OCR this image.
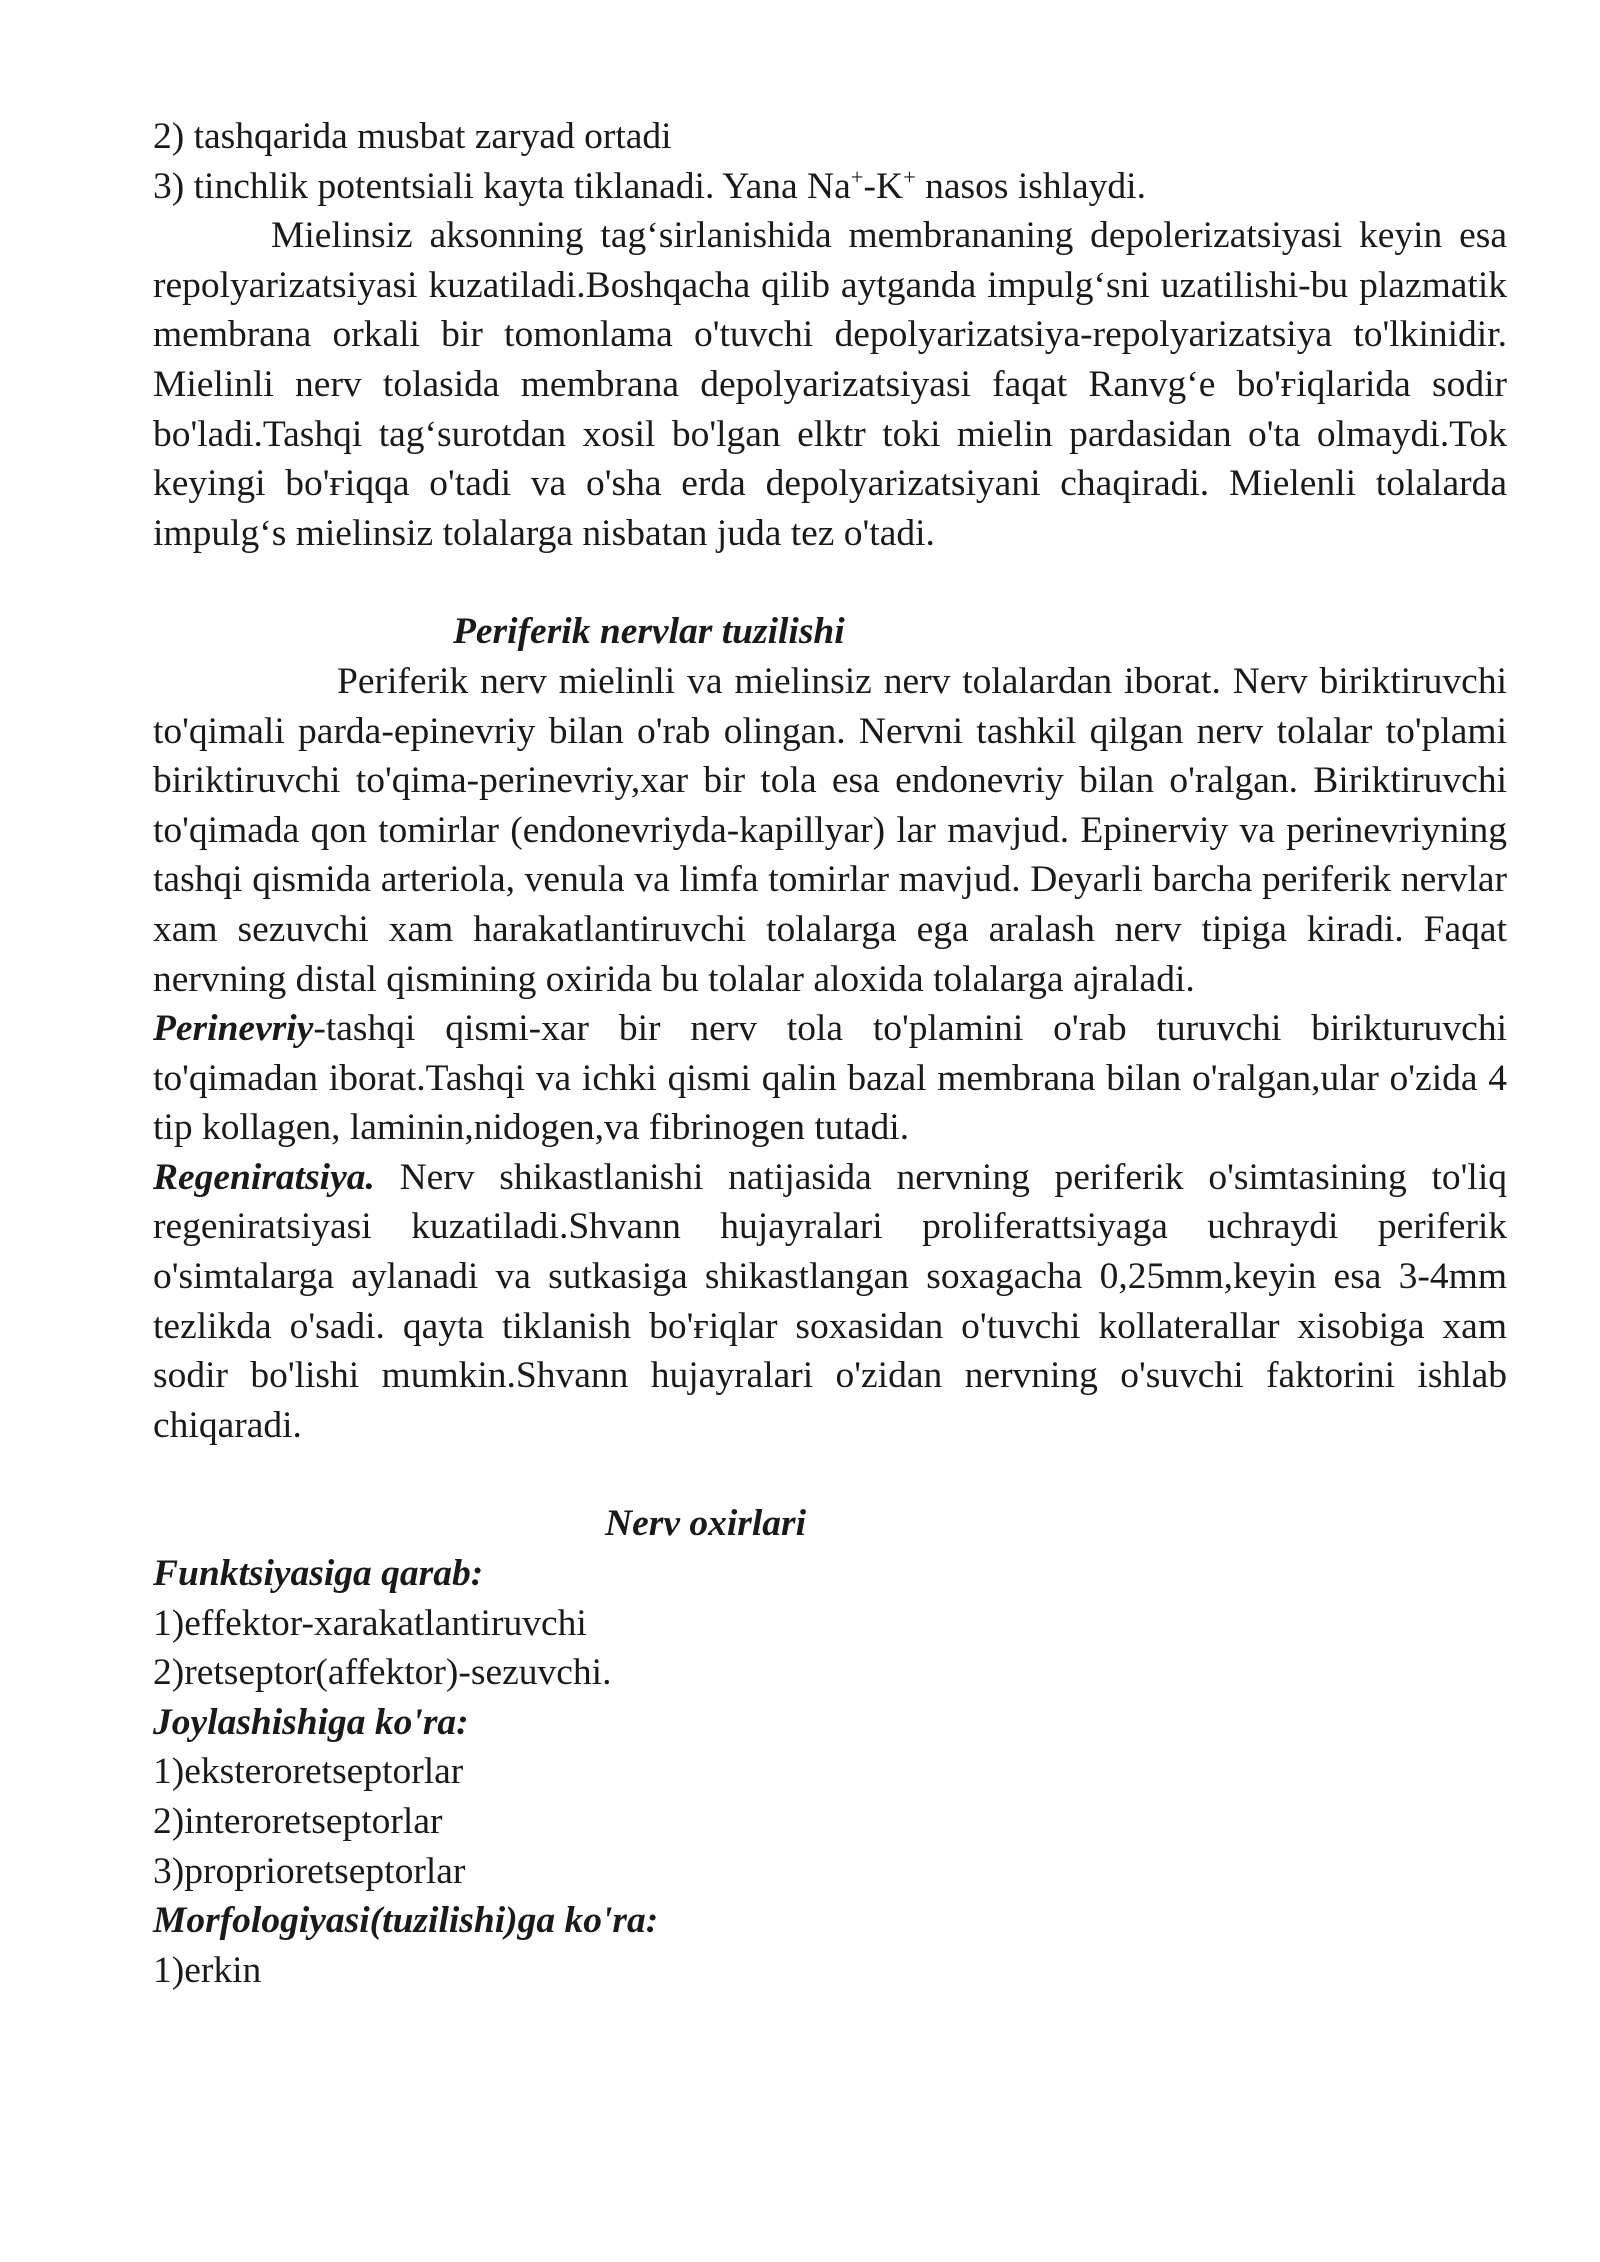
2) tashqarida musbat zaryad ortadi

3) tinchlik potentsiali kayta tiklanadi. Yana Na+-K+ nasos ishlaydi.

Mielinsiz aksonning tag‘sirlanishida membrananing depolerizatsiyasi keyin esa repolyarizatsiyasi kuzatiladi.Boshqacha qilib aytganda impulg‘sni uzatilishi-bu plazmatik membrana orkali bir tomonlama o'tuvchi depolyarizatsiya-repolyarizatsiya to'lkinidir. Mielinli nerv tolasida membrana depolyarizatsiyasi faqat Ranvg‘e bo'ғiqlarida sodir bo'ladi.Tashqi tag‘surotdan xosil bo'lgan elktr toki mielin pardasidan o'ta olmaydi.Tok keyingi bo'ғiqqa o'tadi va o'sha erda depolyarizatsiyani chaqiradi. Mielenli tolalarda impulg‘s mielinsiz tolalarga nisbatan juda tez o'tadi.

Periferik nervlar tuzilishi

Periferik nerv mielinli va mielinsiz nerv tolalardan iborat. Nerv biriktiruvchi to'qimali parda-epinevriy bilan o'rab olingan. Nervni tashkil qilgan nerv tolalar to'plami biriktiruvchi to'qima-perinevriy,xar bir tola esa endonevriy bilan o'ralgan. Biriktiruvchi to'qimada qon tomirlar (endonevriyda-kapillyar) lar mavjud. Epinerviy va perinevriyning tashqi qismida arteriola, venula va limfa tomirlar mavjud. Deyarli barcha periferik nervlar xam sezuvchi xam harakatlantiruvchi tolalarga ega aralash nerv tipiga kiradi. Faqat nervning distal qismining oxirida bu tolalar aloxida tolalarga ajraladi.

Perinevriy-tashqi qismi-xar bir nerv tola to'plamini o'rab turuvchi birikturuvchi to'qimadan iborat.Tashqi va ichki qismi qalin bazal membrana bilan o'ralgan,ular o'zida 4 tip kollagen, laminin,nidogen,va fibrinogen tutadi.

Regeniratsiya. Nerv shikastlanishi natijasida nervning periferik o'simtasining to'liq regeniratsiyasi kuzatiladi.Shvann hujayralari proliferattsiyaga uchraydi periferik o'simtalarga aylanadi va sutkasiga shikastlangan soxagacha 0,25mm,keyin esa 3-4mm tezlikda o'sadi. qayta tiklanish bo'ғiqlar soxasidan o'tuvchi kollaterallar xisobiga xam sodir bo'lishi mumkin.Shvann hujayralari o'zidan nervning o'suvchi faktorini ishlab chiqaradi.

Nerv oxirlari

Funktsiyasiga qarab:

1)effektor-xarakatlantiruvchi

2)retseptor(affektor)-sezuvchi.

Joylashishiga ko'ra:

1)eksteroretseptorlar

2)interoretseptorlar

3)proprioretseptorlar

Morfologiyasi(tuzilishi)ga ko'ra:

1)erkin
